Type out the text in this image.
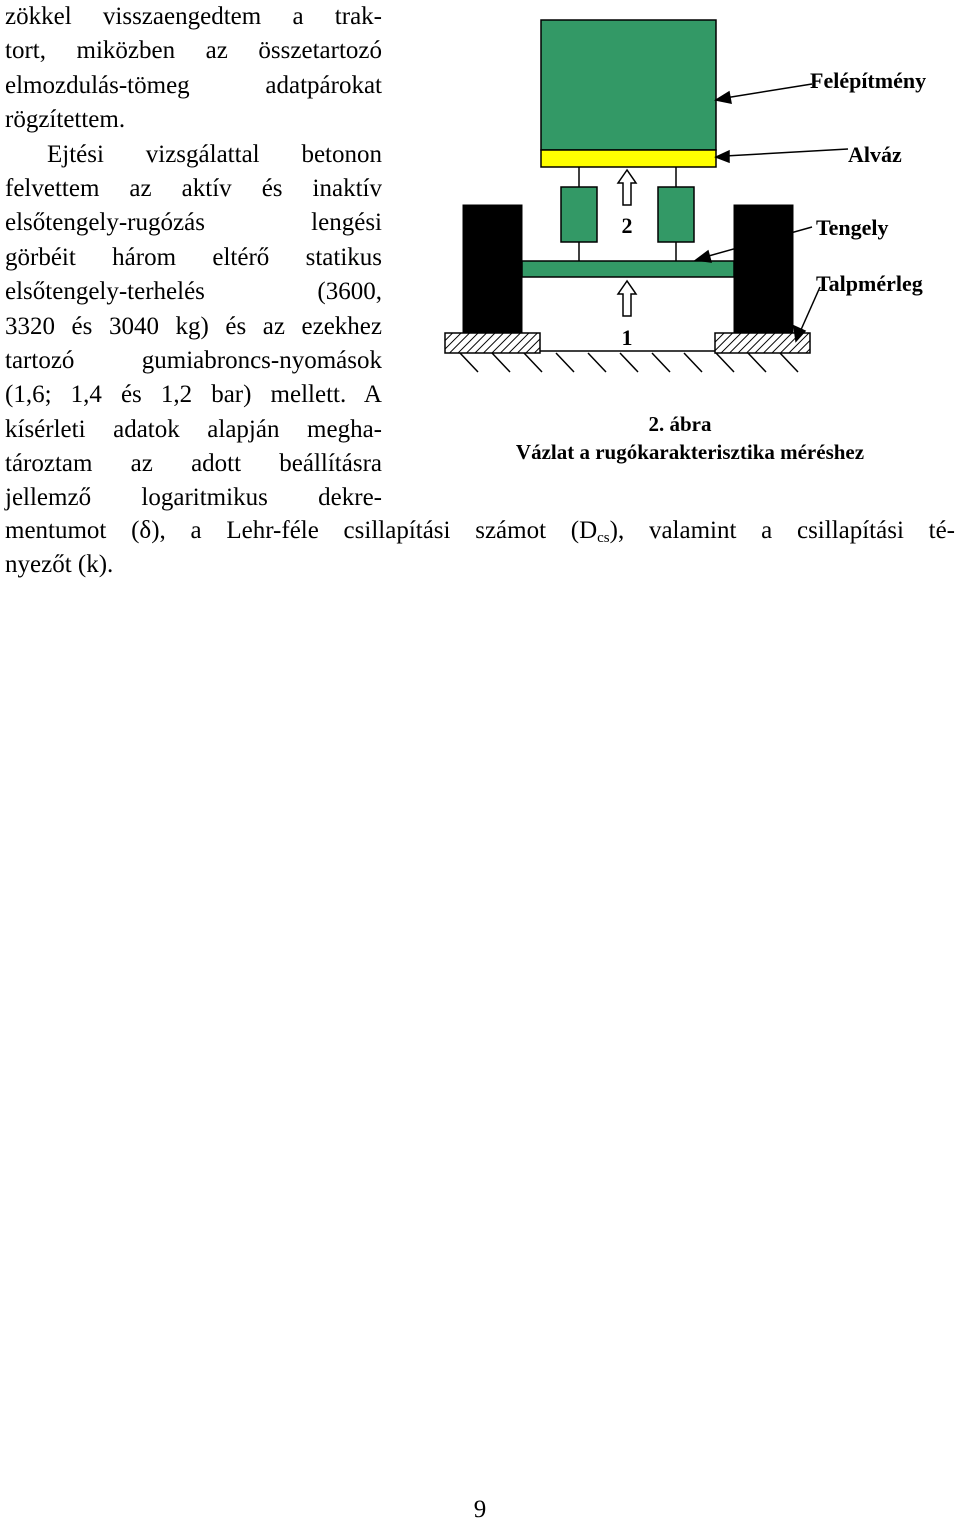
zökkel visszaengedtem a trak-
tort, miközben az összetartozó
elmozdulás-tömeg adatpárokat
rögzítettem.
Ejtési vizsgálattal betonon
felvettem az aktív és inaktív
elsőtengely-rugózás lengési
görbéit három eltérő statikus
elsőtengely-terhelés (3600,
3320 és 3040 kg) és az ezekhez
tartozó gumiabroncs-nyomások
(1,6; 1,4 és 1,2 bar) mellett. A
kísérleti adatok alapján megha-
tároztam az adott beállításra
jellemző logaritmikus dekre-
2
1
Felépítmény
Alváz
Tengely
Talpmérleg
2. ábra
Vázlat a rugókarakterisztika méréshez
mentumot (δ), a Lehr-féle csillapítási számot $(D_{cs})$, valamint a csillapítási té-
nyezőt (k).
9
